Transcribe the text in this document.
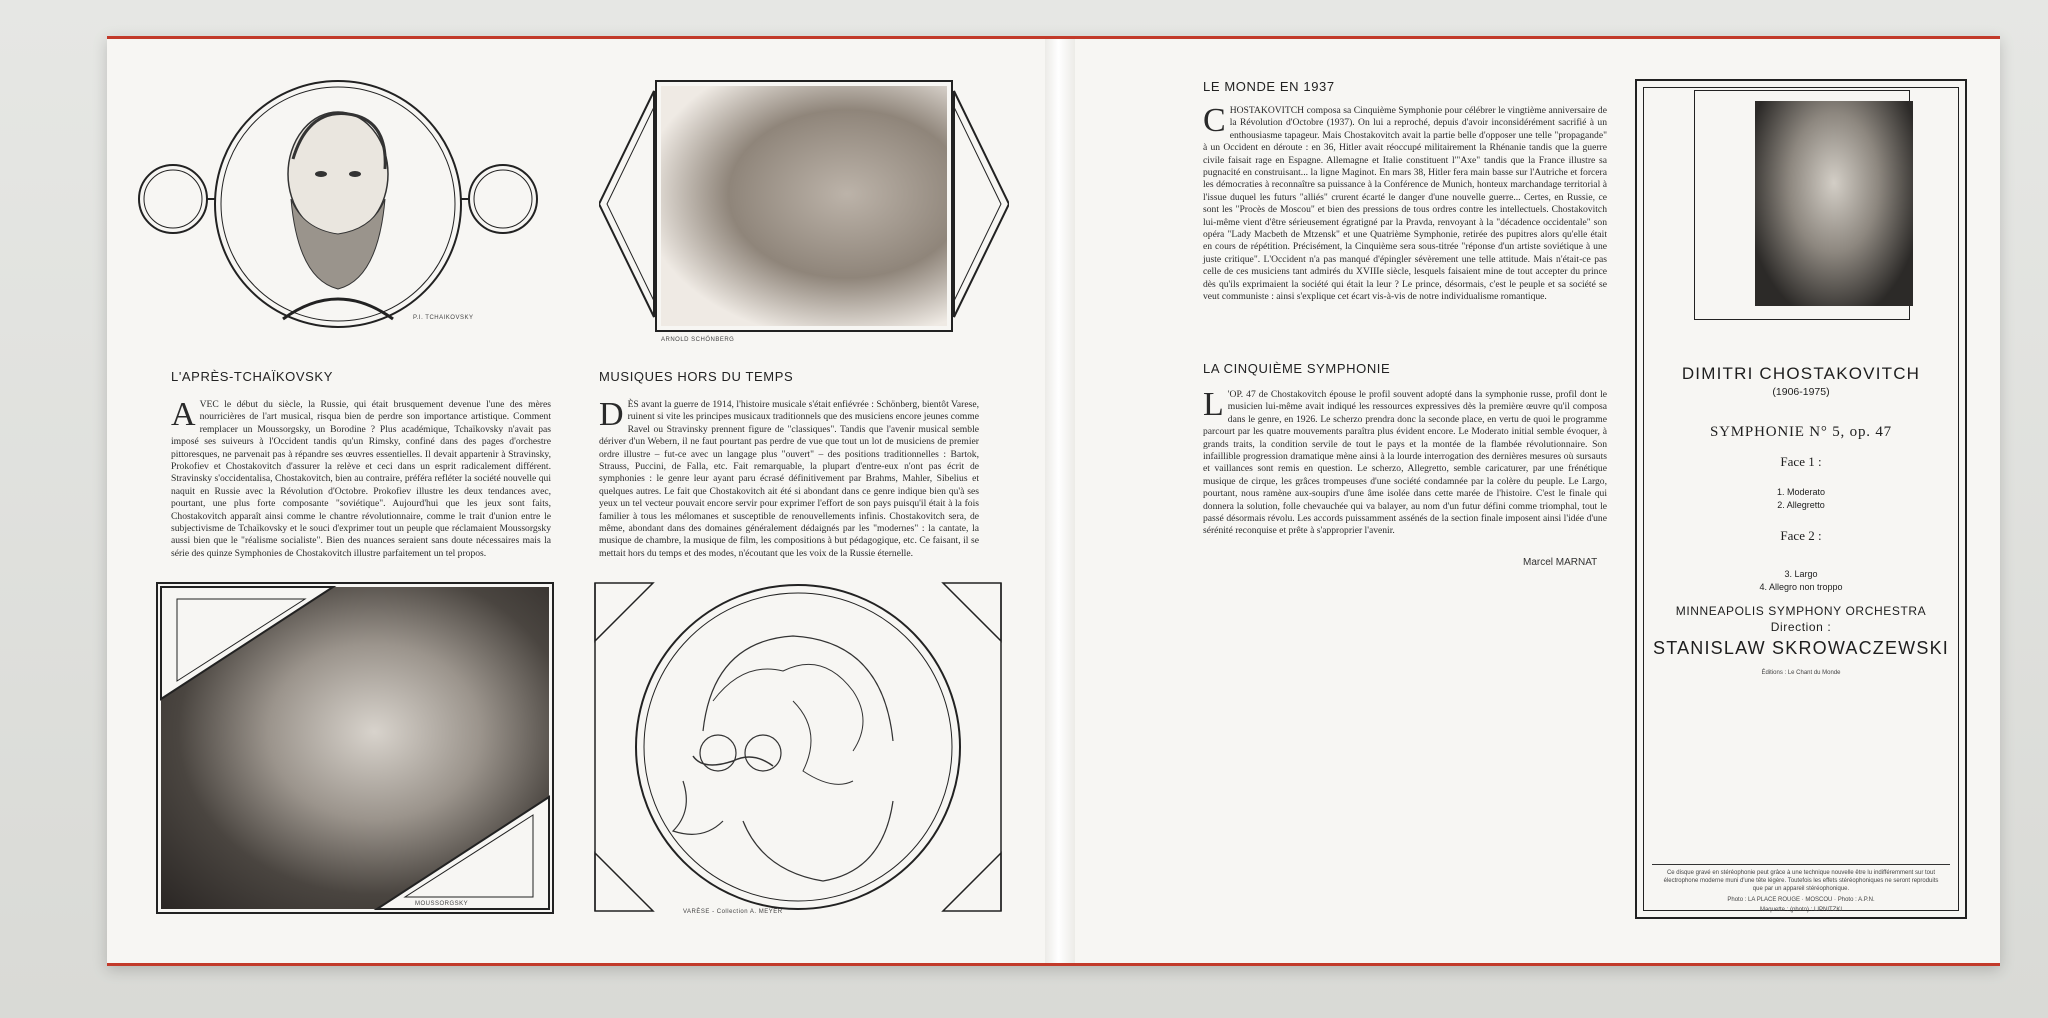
P.I. TCHAIKOVSKY
ARNOLD SCHÖNBERG
L'APRÈS-TCHAÏKOVSKY
AVEC le début du siècle, la Russie, qui était brusquement devenue l'une des mères nourricières de l'art musical, risqua bien de perdre son importance artistique. Comment remplacer un Moussorgsky, un Borodine ? Plus académique, Tchaïkovsky n'avait pas imposé ses suiveurs à l'Occident tandis qu'un Rimsky, confiné dans des pages d'orchestre pittoresques, ne parvenait pas à répandre ses œuvres essentielles. Il devait appartenir à Stravinsky, Prokofiev et Chostakovitch d'assurer la relève et ceci dans un esprit radicalement différent. Stravinsky s'occidentalisa, Chostakovitch, bien au contraire, préféra refléter la société nouvelle qui naquit en Russie avec la Révolution d'Octobre. Prokofiev illustre les deux tendances avec, pourtant, une plus forte composante "soviétique". Aujourd'hui que les jeux sont faits, Chostakovitch apparaît ainsi comme le chantre révolutionnaire, comme le trait d'union entre le subjectivisme de Tchaïkovsky et le souci d'exprimer tout un peuple que réclamaient Moussorgsky aussi bien que le "réalisme socialiste". Bien des nuances seraient sans doute nécessaires mais la série des quinze Symphonies de Chostakovitch illustre parfaitement un tel propos.
MUSIQUES HORS DU TEMPS
DÈS avant la guerre de 1914, l'histoire musicale s'était enfiévrée : Schönberg, bientôt Varese, ruinent si vite les principes musicaux traditionnels que des musiciens encore jeunes comme Ravel ou Stravinsky prennent figure de "classiques". Tandis que l'avenir musical semble dériver d'un Webern, il ne faut pourtant pas perdre de vue que tout un lot de musiciens de premier ordre illustre – fut-ce avec un langage plus "ouvert" – des positions traditionnelles : Bartok, Strauss, Puccini, de Falla, etc. Fait remarquable, la plupart d'entre-eux n'ont pas écrit de symphonies : le genre leur ayant paru écrasé définitivement par Brahms, Mahler, Sibelius et quelques autres. Le fait que Chostakovitch ait été si abondant dans ce genre indique bien qu'à ses yeux un tel vecteur pouvait encore servir pour exprimer l'effort de son pays puisqu'il était à la fois familier à tous les mélomanes et susceptible de renouvellements infinis. Chostakovitch sera, de même, abondant dans des domaines généralement dédaignés par les "modernes" : la cantate, la musique de chambre, la musique de film, les compositions à but pédagogique, etc. Ce faisant, il se mettait hors du temps et des modes, n'écoutant que les voix de la Russie éternelle.
MOUSSORGSKY
VARÈSE - Collection A. MEYER
LE MONDE EN 1937
CHOSTAKOVITCH composa sa Cinquième Symphonie pour célébrer le vingtième anniversaire de la Révolution d'Octobre (1937). On lui a reproché, depuis d'avoir inconsidérément sacrifié à un enthousiasme tapageur. Mais Chostakovitch avait la partie belle d'opposer une telle "propagande" à un Occident en déroute : en 36, Hitler avait réoccupé militairement la Rhénanie tandis que la guerre civile faisait rage en Espagne. Allemagne et Italie constituent l'"Axe" tandis que la France illustre sa pugnacité en construisant... la ligne Maginot. En mars 38, Hitler fera main basse sur l'Autriche et forcera les démocraties à reconnaître sa puissance à la Conférence de Munich, honteux marchandage territorial à l'issue duquel les futurs "alliés" crurent écarté le danger d'une nouvelle guerre... Certes, en Russie, ce sont les "Procès de Moscou" et bien des pressions de tous ordres contre les intellectuels. Chostakovitch lui-même vient d'être sérieusement égratigné par la Pravda, renvoyant à la "décadence occidentale" son opéra "Lady Macbeth de Mtzensk" et une Quatrième Symphonie, retirée des pupitres alors qu'elle était en cours de répétition. Précisément, la Cinquième sera sous-titrée "réponse d'un artiste soviétique à une juste critique". L'Occident n'a pas manqué d'épingler sévèrement une telle attitude. Mais n'était-ce pas celle de ces musiciens tant admirés du XVIIIe siècle, lesquels faisaient mine de tout accepter du prince dès qu'ils exprimaient la société qui était la leur ? Le prince, désormais, c'est le peuple et sa société se veut communiste : ainsi s'explique cet écart vis-à-vis de notre individualisme romantique.
LA CINQUIÈME SYMPHONIE
L 'OP. 47 de Chostakovitch épouse le profil souvent adopté dans la symphonie russe, profil dont le musicien lui-même avait indiqué les ressources expressives dès la première œuvre qu'il composa dans le genre, en 1926. Le scherzo prendra donc la seconde place, en vertu de quoi le programme parcourt par les quatre mouvements paraîtra plus évident encore. Le Moderato initial semble évoquer, à grands traits, la condition servile de tout le pays et la montée de la flambée révolutionnaire. Son infaillible progression dramatique mène ainsi à la lourde interrogation des dernières mesures où sursauts et vaillances sont remis en question. Le scherzo, Allegretto, semble caricaturer, par une frénétique musique de cirque, les grâces trompeuses d'une société condamnée par la colère du peuple. Le Largo, pourtant, nous ramène aux-soupirs d'une âme isolée dans cette marée de l'histoire. C'est le finale qui donnera la solution, folle chevauchée qui va balayer, au nom d'un futur défini comme triomphal, tout le passé désormais révolu. Les accords puissamment assénés de la section finale imposent ainsi l'idée d'une sérénité reconquise et prête à s'approprier l'avenir.
Marcel MARNAT
DIMITRI CHOSTAKOVITCH
(1906-1975)
SYMPHONIE N° 5, op. 47
Face 1 :
1. Moderato
2. Allegretto
Face 2 :
3. Largo
4. Allegro non troppo
MINNEAPOLIS SYMPHONY ORCHESTRA
Direction :
STANISLAW SKROWACZEWSKI
Éditions : Le Chant du Monde
Ce disque gravé en stéréophonie peut grâce à une technique nouvelle être lu indifféremment sur tout électrophone moderne muni d'une tête légère. Toutefois les effets stéréophoniques ne seront reproduits que par un appareil stéréophonique.
Photo : LA PLACE ROUGE · MOSCOU · Photo : A.P.N.
Maquette : (photo) : LIPNITZKI
